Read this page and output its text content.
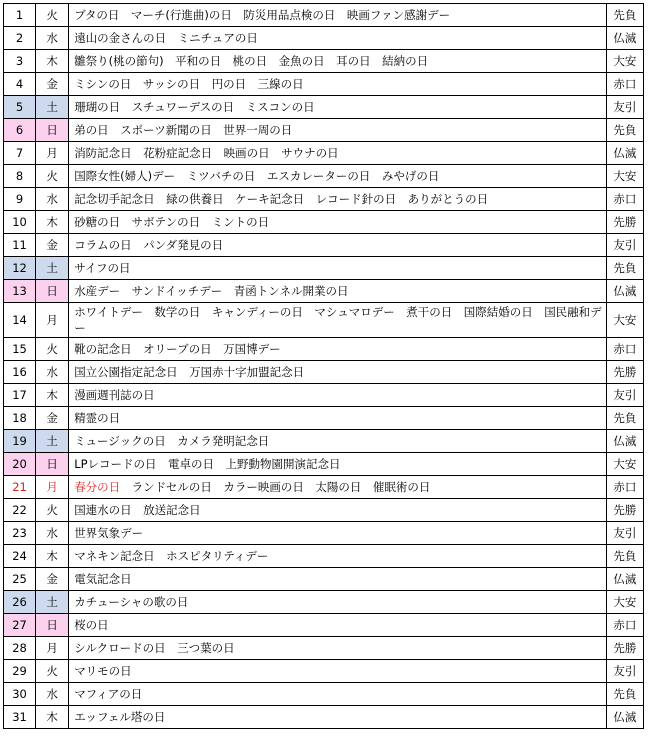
1	火	ブタの日　マーチ(行進曲)の日　防災用品点検の日　映画ファン感謝デー	先負
2	水	遠山の金さんの日　ミニチュアの日	仏滅
3	木	雛祭り(桃の節句)　平和の日　桃の日　金魚の日　耳の日　結納の日	大安
4	金	ミシンの日　サッシの日　円の日　三線の日	赤口
5	土	珊瑚の日　スチュワーデスの日　ミスコンの日	友引
6	日	弟の日　スポーツ新聞の日　世界一周の日	先負
7	月	消防記念日　花粉症記念日　映画の日　サウナの日	仏滅
8	火	国際女性(婦人)デー　ミツバチの日　エスカレーターの日　みやげの日	大安
9	水	記念切手記念日　緑の供養日　ケーキ記念日　レコード針の日　ありがとうの日	赤口
10	木	砂糖の日　サボテンの日　ミントの日	先勝
11	金	コラムの日　パンダ発見の日	友引
12	土	サイフの日	先負
13	日	水産デー　サンドイッチデー　青函トンネル開業の日	仏滅
14	月	ホワイトデー　数学の日　キャンディーの日　マシュマロデー　煮干の日　国際結婚の日　国民融和デー	大安
15	火	靴の記念日　オリーブの日　万国博デー	赤口
16	水	国立公園指定記念日　万国赤十字加盟記念日	先勝
17	木	漫画週刊誌の日	友引
18	金	精霊の日	先負
19	土	ミュージックの日　カメラ発明記念日	仏滅
20	日	LPレコードの日　電卓の日　上野動物園開演記念日	大安
21	月	春分の日　ランドセルの日　カラー映画の日　太陽の日　催眠術の日	赤口
22	火	国連水の日　放送記念日	先勝
23	水	世界気象デー	友引
24	木	マネキン記念日　ホスピタリティデー	先負
25	金	電気記念日	仏滅
26	土	カチューシャの歌の日	大安
27	日	桜の日	赤口
28	月	シルクロードの日　三つ葉の日	先勝
29	火	マリモの日	友引
30	水	マフィアの日	先負
31	木	エッフェル塔の日	仏滅
